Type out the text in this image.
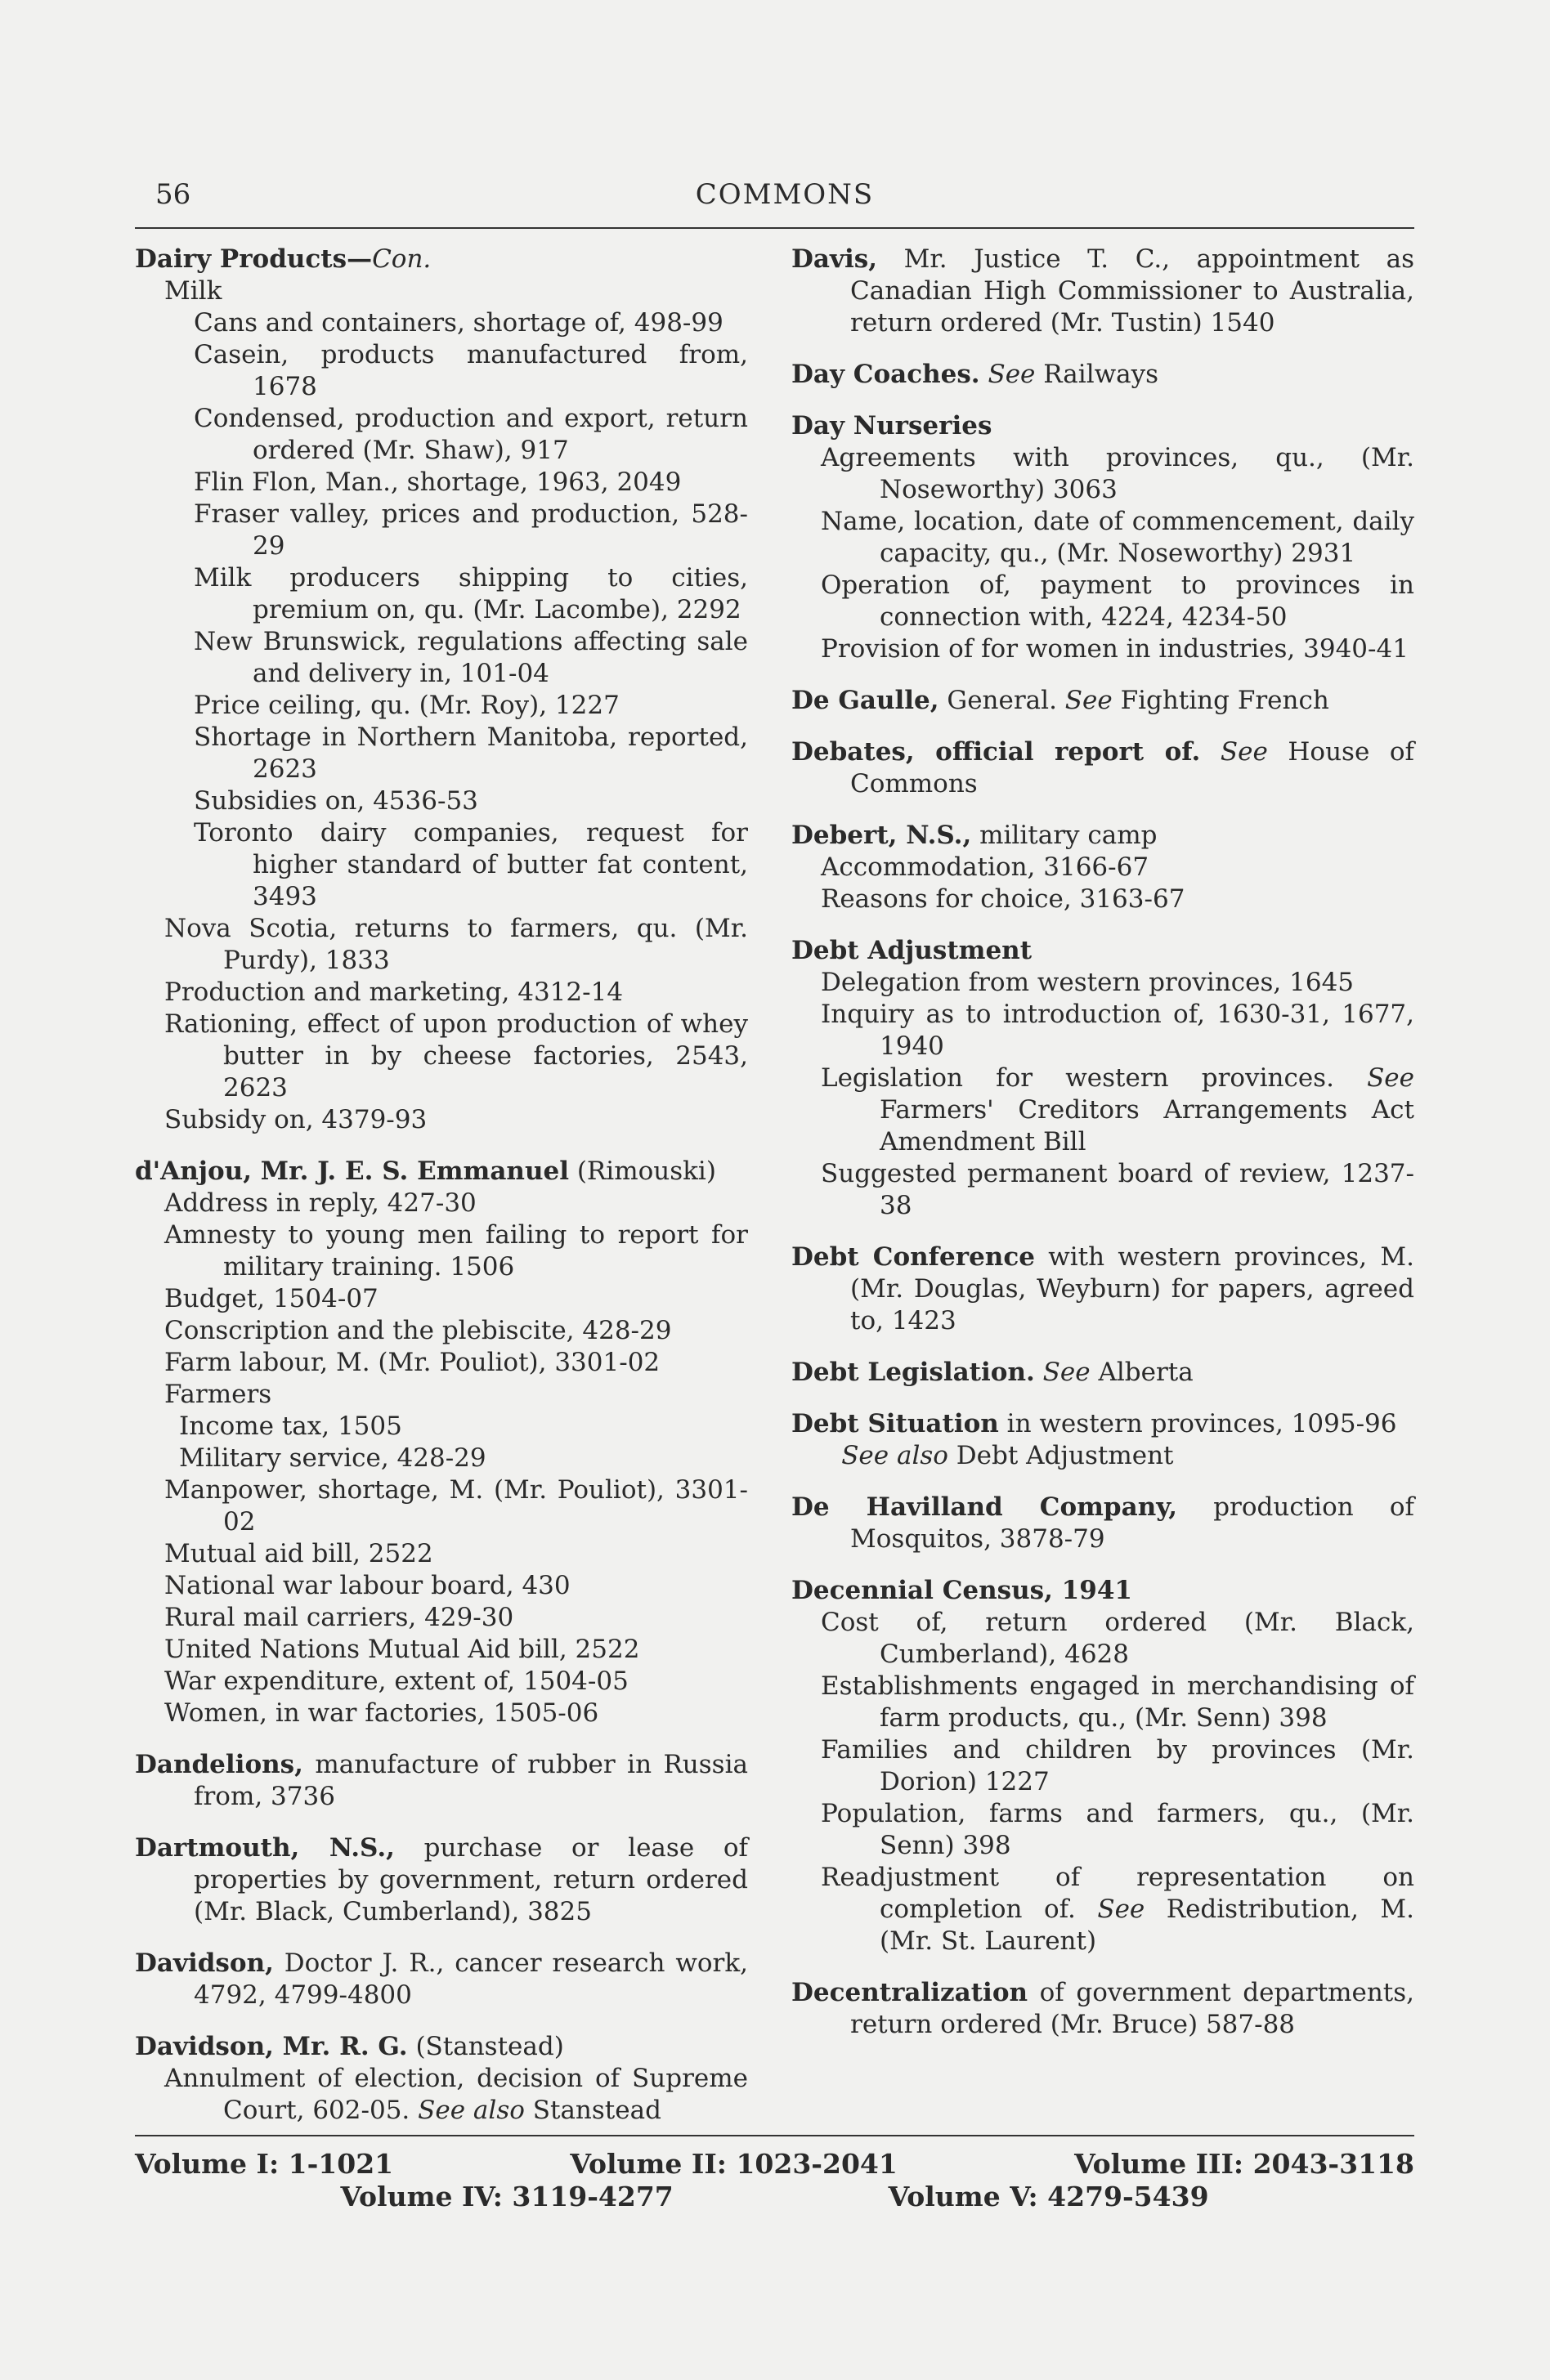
56	COMMONS

Dairy Products—Con.

Milk

Cans and containers, shortage of, 498-99

Casein, products manufactured from, 1678

Condensed, production and export, return ordered (Mr. Shaw), 917

Flin Flon, Man., shortage, 1963, 2049

Fraser valley, prices and production, 528-29

Milk producers shipping to cities, premium on, qu. (Mr. Lacombe), 2292

New Brunswick, regulations affecting sale and delivery in, 101-04

Price ceiling, qu. (Mr. Roy), 1227

Shortage in Northern Manitoba, reported, 2623

Subsidies on, 4536-53

Toronto dairy companies, request for higher standard of butter fat content, 3493

Nova Scotia, returns to farmers, qu. (Mr. Purdy), 1833

Production and marketing, 4312-14

Rationing, effect of upon production of whey butter in by cheese factories, 2543, 2623

Subsidy on, 4379-93

d'Anjou, Mr. J. E. S. Emmanuel (Rimouski)

Address in reply, 427-30

Amnesty to young men failing to report for military training. 1506

Budget, 1504-07

Conscription and the plebiscite, 428-29

Farm labour, M. (Mr. Pouliot), 3301-02

Farmers

Income tax, 1505

Military service, 428-29

Manpower, shortage, M. (Mr. Pouliot), 3301-02

Mutual aid bill, 2522

National war labour board, 430

Rural mail carriers, 429-30

United Nations Mutual Aid bill, 2522

War expenditure, extent of, 1504-05

Women, in war factories, 1505-06

Dandelions, manufacture of rubber in Russia from, 3736

Dartmouth, N.S., purchase or lease of properties by government, return ordered (Mr. Black, Cumberland), 3825

Davidson, Doctor J. R., cancer research work, 4792, 4799-4800

Davidson, Mr. R. G. (Stanstead)

Annulment of election, decision of Supreme Court, 602-05. See also Stanstead

Davis, Mr. Justice T. C., appointment as Canadian High Commissioner to Australia, return ordered (Mr. Tustin) 1540

Day Coaches. See Railways

Day Nurseries

Agreements with provinces, qu., (Mr. Noseworthy) 3063

Name, location, date of commencement, daily capacity, qu., (Mr. Noseworthy) 2931

Operation of, payment to provinces in connection with, 4224, 4234-50

Provision of for women in industries, 3940-41

De Gaulle, General. See Fighting French

Debates, official report of. See House of Commons

Debert, N.S., military camp

Accommodation, 3166-67

Reasons for choice, 3163-67

Debt Adjustment

Delegation from western provinces, 1645

Inquiry as to introduction of, 1630-31, 1677, 1940

Legislation for western provinces. See Farmers' Creditors Arrangements Act Amendment Bill

Suggested permanent board of review, 1237-38

Debt Conference with western provinces, M. (Mr. Douglas, Weyburn) for papers, agreed to, 1423

Debt Legislation. See Alberta

Debt Situation in western provinces, 1095-96

See also Debt Adjustment

De Havilland Company, production of Mosquitos, 3878-79

Decennial Census, 1941

Cost of, return ordered (Mr. Black, Cumberland), 4628

Establishments engaged in merchandising of farm products, qu., (Mr. Senn) 398

Families and children by provinces (Mr. Dorion) 1227

Population, farms and farmers, qu., (Mr. Senn) 398

Readjustment of representation on completion of. See Redistribution, M. (Mr. St. Laurent)

Decentralization of government departments, return ordered (Mr. Bruce) 587-88

Volume I: 1-1021	Volume II: 1023-2041	Volume III: 2043-3118
Volume IV: 3119-4277	Volume V: 4279-5439
